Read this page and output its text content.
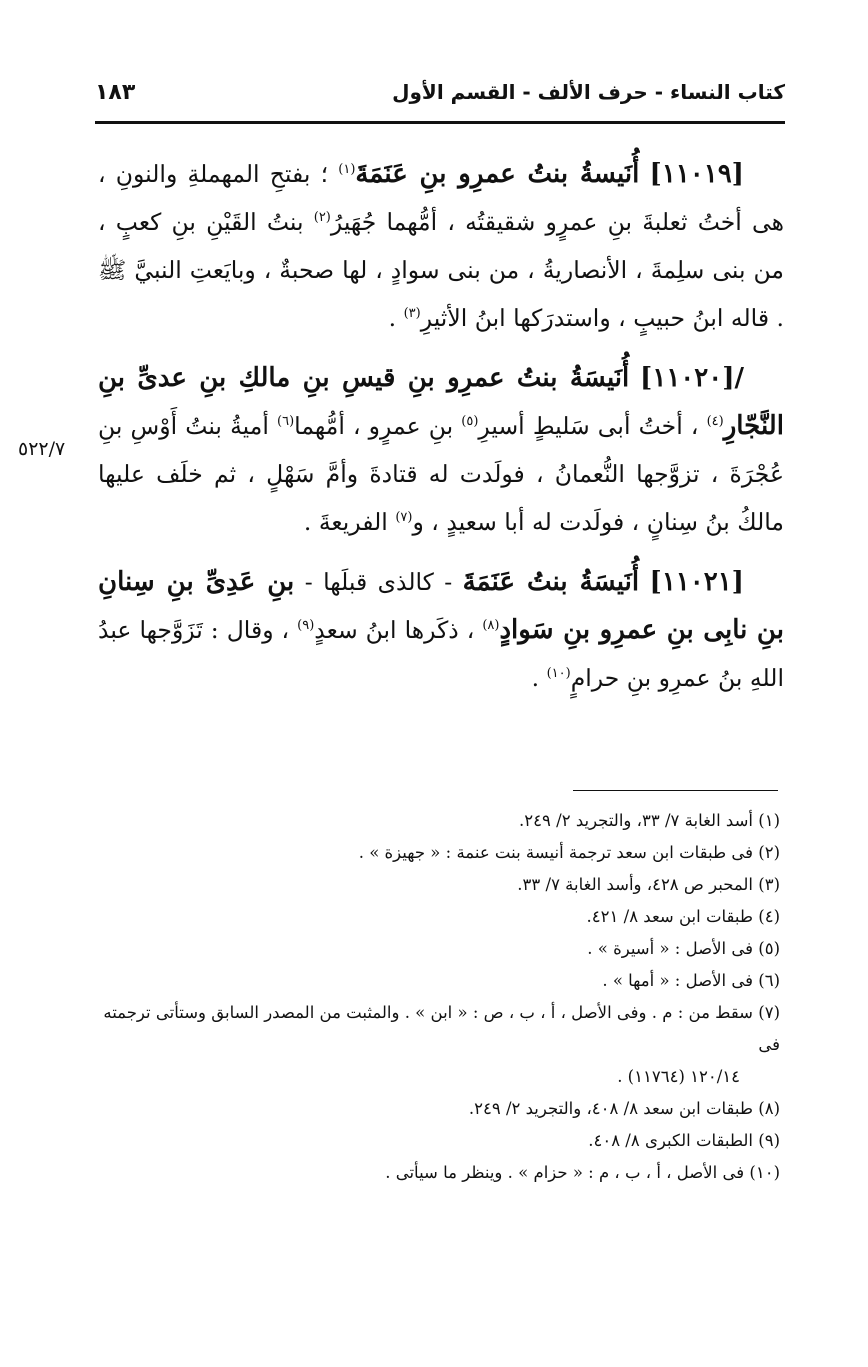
كتاب النساء - حرف الألف - القسم الأول
١٨٣
٥٢٢/٧

[١١٠١٩] أُنَيسةُ بنتُ عمرِو بنِ عَنَمَةَ$^{(١)}$ ؛ بفتحِ المهملةِ والنونِ ، هى أختُ ثعلبةَ بنِ عمرٍو شقيقتُه ، أمُّهما جُهَيرُ$^{(٢)}$ بنتُ القَيْنِ بنِ كعبٍ ، من بنى سلِمةَ ، الأنصاريةُ ، من بنى سوادٍ ، لها صحبةٌ ، وبايَعتِ النبيَّ ﷺ . قاله ابنُ حبيبٍ ، واستدرَكها ابنُ الأثيرِ$^{(٣)}$ .

/[١١٠٢٠] أُنَيسَةُ بنتُ عمرِو بنِ قيسِ بنِ مالكِ بنِ عدىِّ بنِ النَّجّارِ$^{(٤)}$ ، أختُ أبى سَليطٍ أسيرِ$^{(٥)}$ بنِ عمرٍو ، أمُّهما$^{(٦)}$ أميةُ بنتُ أَوْسِ بنِ عُجْرَةَ ، تزوَّجها النُّعمانُ ، فولَدت له قتادةَ وأمَّ سَهْلٍ ، ثم خلَف عليها مالكُ بنُ سِنانٍ ، فولَدت له أبا سعيدٍ ، و$^{(٧)}$ الفريعةَ .

[١١٠٢١] أُنَيسَةُ بنتُ عَنَمَةَ - كالذى قبلَها - بنِ عَدِىِّ بنِ سِنانِ بنِ نابِى بنِ عمرِو بنِ سَوادٍ$^{(٨)}$ ، ذكَرها ابنُ سعدٍ$^{(٩)}$ ، وقال : تَزَوَّجها عبدُ اللهِ بنُ عمرِو بنِ حرامٍ$^{(١٠)}$ .

(١) أسد الغابة ٧/ ٣٣، والتجريد ٢/ ٢٤٩.

(٢) فى طبقات ابن سعد ترجمة أنيسة بنت عنمة : « جهيزة » .

(٣) المحبر ص ٤٢٨، وأسد الغابة ٧/ ٣٣.

(٤) طبقات ابن سعد ٨/ ٤٢١.

(٥) فى الأصل : « أسيرة » .

(٦) فى الأصل : « أمها » .

(٧) سقط من : م . وفى الأصل ، أ ، ب ، ص : « ابن » . والمثبت من المصدر السابق وستأتى ترجمته فى
١٢٠/١٤ (١١٧٦٤) .

(٨) طبقات ابن سعد ٨/ ٤٠٨، والتجريد ٢/ ٢٤٩.

(٩) الطبقات الكبرى ٨/ ٤٠٨.

(١٠) فى الأصل ، أ ، ب ، م : « حزام » . وينظر ما سيأتى .
